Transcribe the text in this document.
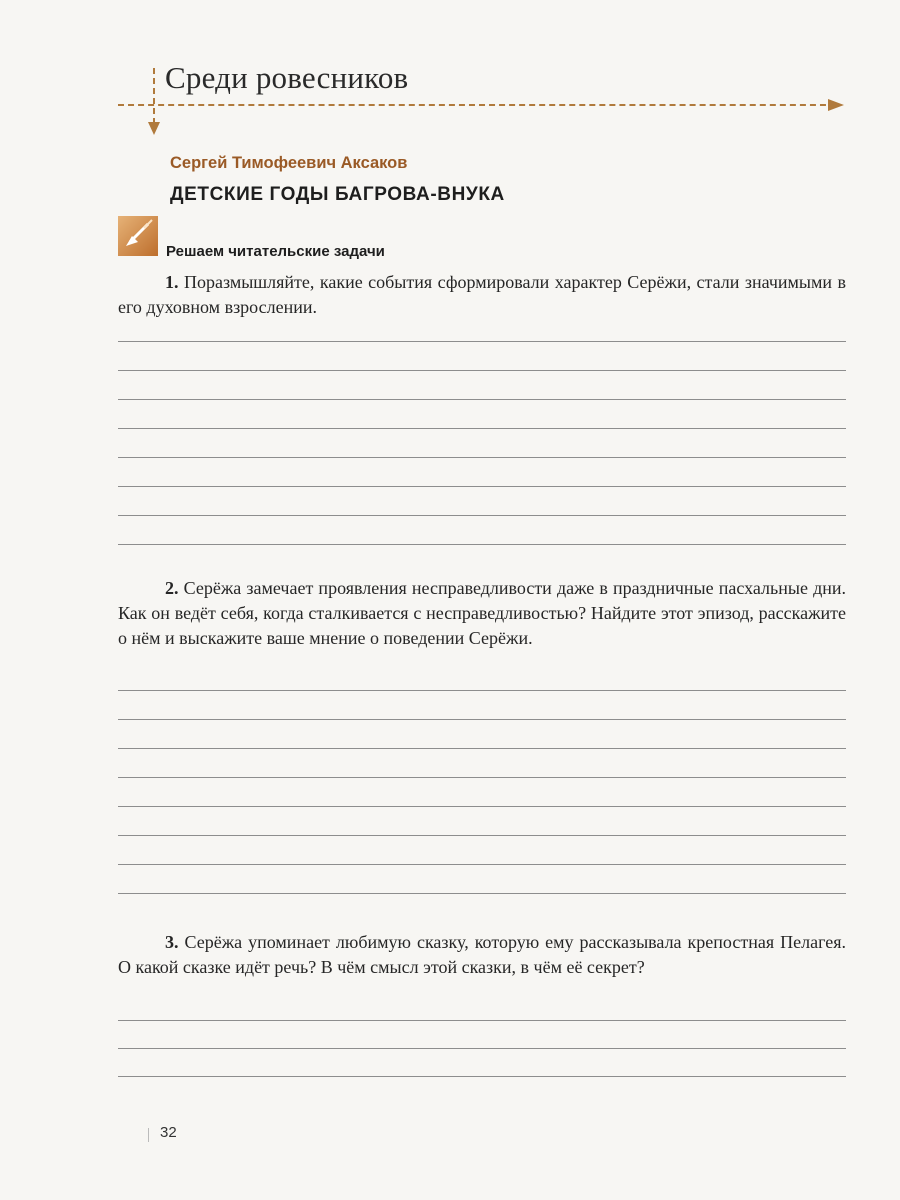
Среди ровесников
Сергей Тимофеевич Аксаков
ДЕТСКИЕ ГОДЫ БАГРОВА-ВНУКА
Решаем читательские задачи
1. Поразмышляйте, какие события сформировали характер Серёжи, стали значимыми в его духовном взрослении.
2. Серёжа замечает проявления несправедливости даже в праздничные пасхальные дни. Как он ведёт себя, когда сталкивается с несправедливостью? Найдите этот эпизод, расскажите о нём и выскажите ваше мнение о поведении Серёжи.
3. Серёжа упоминает любимую сказку, которую ему рассказывала крепостная Пелагея. О какой сказке идёт речь? В чём смысл этой сказки, в чём её секрет?
32
